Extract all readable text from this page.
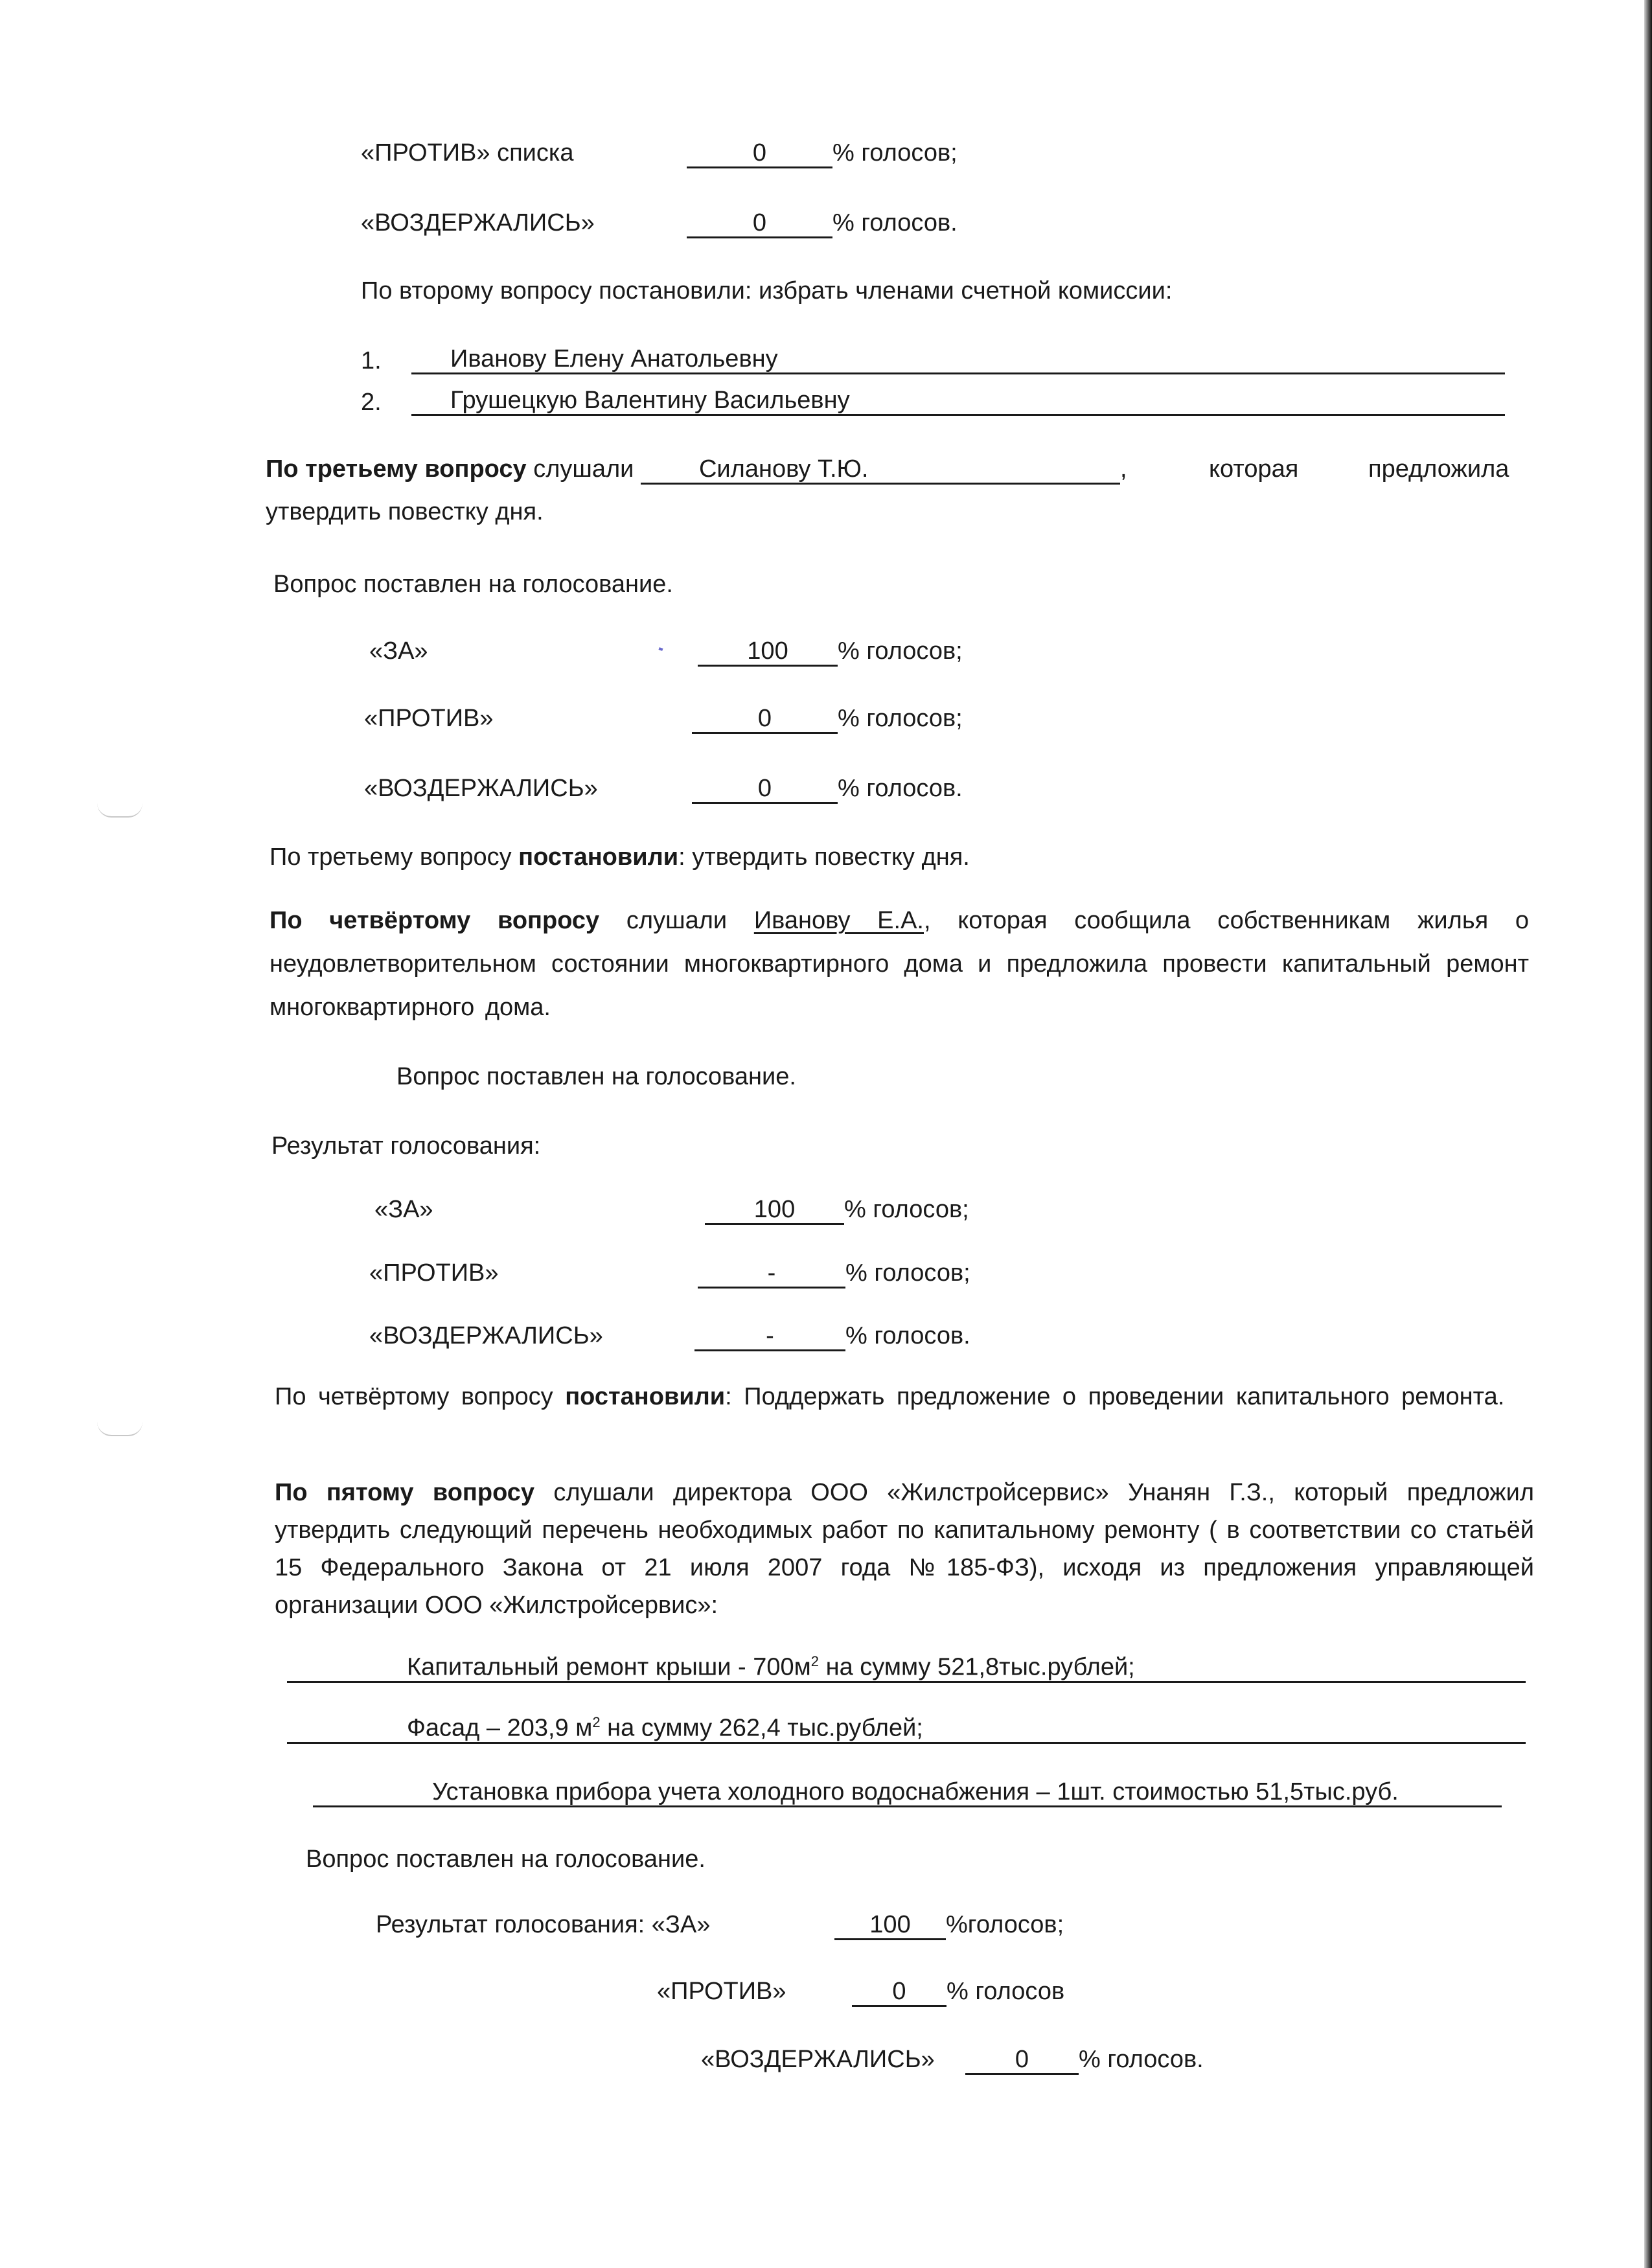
«ПРОТИВ» списка	0	% голосов;
«ВОЗДЕРЖАЛИСЬ»	0	% голосов.
По второму вопросу постановили: избрать членами счетной комиссии:
1.	Иванову Елену Анатольевну
2.	Грушецкую Валентину Васильевну
По третьему вопросу слушали	Силанову Т.Ю.	,	которая	предложила
утвердить повестку дня.
Вопрос поставлен на голосование.
«ЗА»	100 % голосов;
«ПРОТИВ»	0	% голосов;
«ВОЗДЕРЖАЛИСЬ»	0	% голосов.
По третьему вопросу постановили: утвердить повестку дня.
По четвёртому вопросу слушали Иванову Е.А., которая сообщила собственникам жилья о неудовлетворительном состоянии многоквартирного дома и предложила провести капитальный ремонт многоквартирного дома.
Вопрос поставлен на голосование.
Результат голосования:
«ЗА»	100 % голосов;
«ПРОТИВ»	-	% голосов;
«ВОЗДЕРЖАЛИСЬ»	-	% голосов.
По четвёртому вопросу постановили: Поддержать предложение о проведении капитального ремонта.
По пятому вопросу слушали директора ООО «Жилстройсервис» Унанян Г.З., который предложил утвердить следующий перечень необходимых работ по капитальному ремонту ( в соответствии со статьёй 15 Федерального Закона от 21 июля 2007 года №185-ФЗ), исходя из предложения управляющей организации ООО «Жилстройсервис»:
Капитальный ремонт крыши - $700м^2$ на сумму 521,8тыс.рублей;
Фасад – 203,9 $м^2$ на сумму 262,4 тыс.рублей;
Установка прибора учета холодного водоснабжения – 1шт. стоимостью 51,5тыс.руб.
Вопрос поставлен на голосование.
Результат голосования: «ЗА»	100 %голосов;
«ПРОТИВ»	0 % голосов
«ВОЗДЕРЖАЛИСЬ»	0 % голосов.
